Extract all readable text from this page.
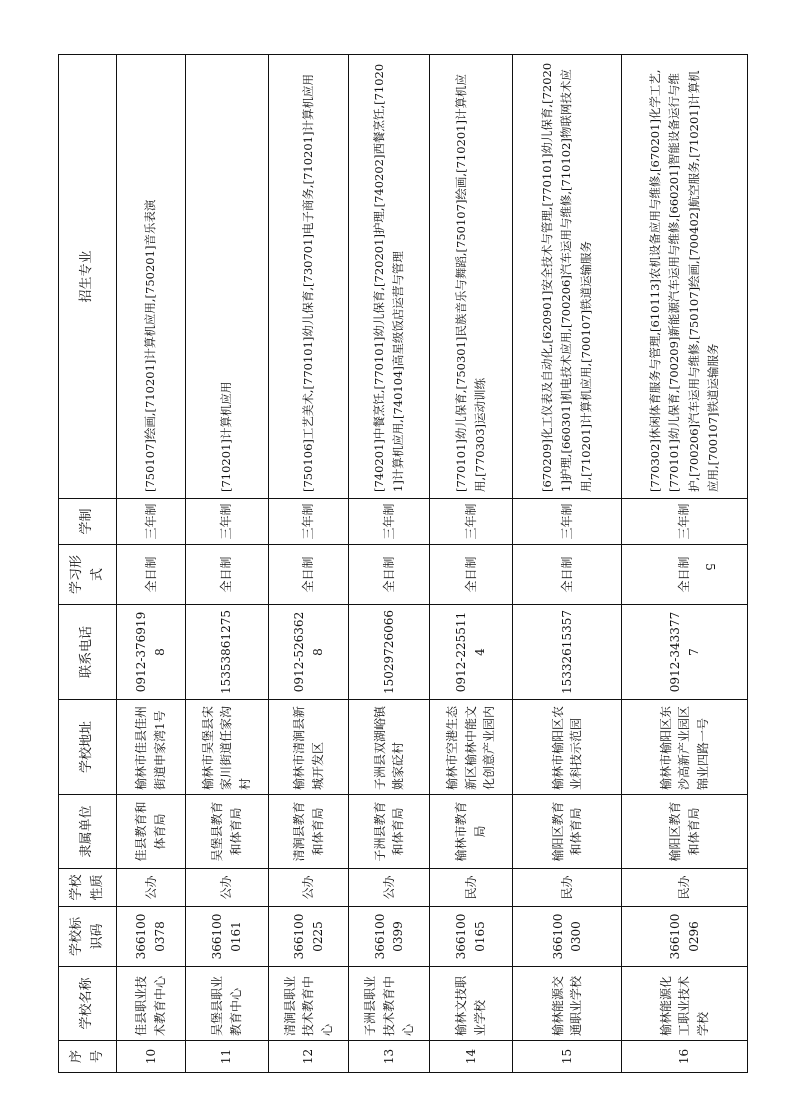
序号	学校名称	学校标识码	学校性质	隶属单位	学校地址	联系电话	学习形式	学制	招生专业
10	佳县职业技术教育中心	3661000378	公办	佳县教育和体育局	榆林市佳县佳州街道申家湾1号	0912-3769198	全日制	三年制	[750107]绘画,[710201]计算机应用,[750201]音乐表演
11	吴堡县职业教育中心	3661000161	公办	吴堡县教育和体育局	榆林市吴堡县宋家川街道任家沟村	15353861275	全日制	三年制	[710201]计算机应用
12	清涧县职业技术教育中心	3661000225	公办	清涧县教育和体育局	榆林市清涧县新城开发区	0912-5263628	全日制	三年制	[750106]工艺美术,[770101]幼儿保育,[730701]电子商务,[710201]计算机应用
13	子洲县职业技术教育中心	3661000399	公办	子洲县教育和体育局	子洲县双湖峪镇姚家砭村	15029726066	全日制	三年制	[740201]中餐烹饪,[770101]幼儿保育,[720201]护理,[740202]西餐烹饪,[710201]计算机应用,[740104]高星级饭店运营与管理
14	榆林文技职业学校	3661000165	民办	榆林市教育局	榆林市空港生态新区榆林中能文化创意产业园内	0912-2255114	全日制	三年制	[770101]幼儿保育,[750301]民族音乐与舞蹈,[750107]绘画,[710201]计算机应用,[770303]运动训练
15	榆林能源交通职业学校	3661000300	民办	榆阳区教育和体育局	榆林市榆阳区农业科技示范园	15332615357	全日制	三年制	[670209]化工仪表及自动化,[620901]安全技术与管理,[770101]幼儿保育,[720201]护理,[660301]机电技术应用,[700206]汽车运用与维修,[710102]物联网技术应用,[710201]计算机应用,[700107]铁道运输服务
16	榆林能源化工职业技术学校	3661000296	民办	榆阳区教育和体育局	榆林市榆阳区东沙高新产业园区锦业四路一号	0912-3433777	全日制	三年制	[770302]休闲体育服务与管理,[610113]农机设备应用与维修,[670201]化学工艺,[770101]幼儿保育,[700209]新能源汽车运用与维修,[660201]智能设备运行与维护,[700206]汽车运用与维修,[750107]绘画,[700402]航空服务,[710201]计算机应用,[700107]铁道运输服务
5
